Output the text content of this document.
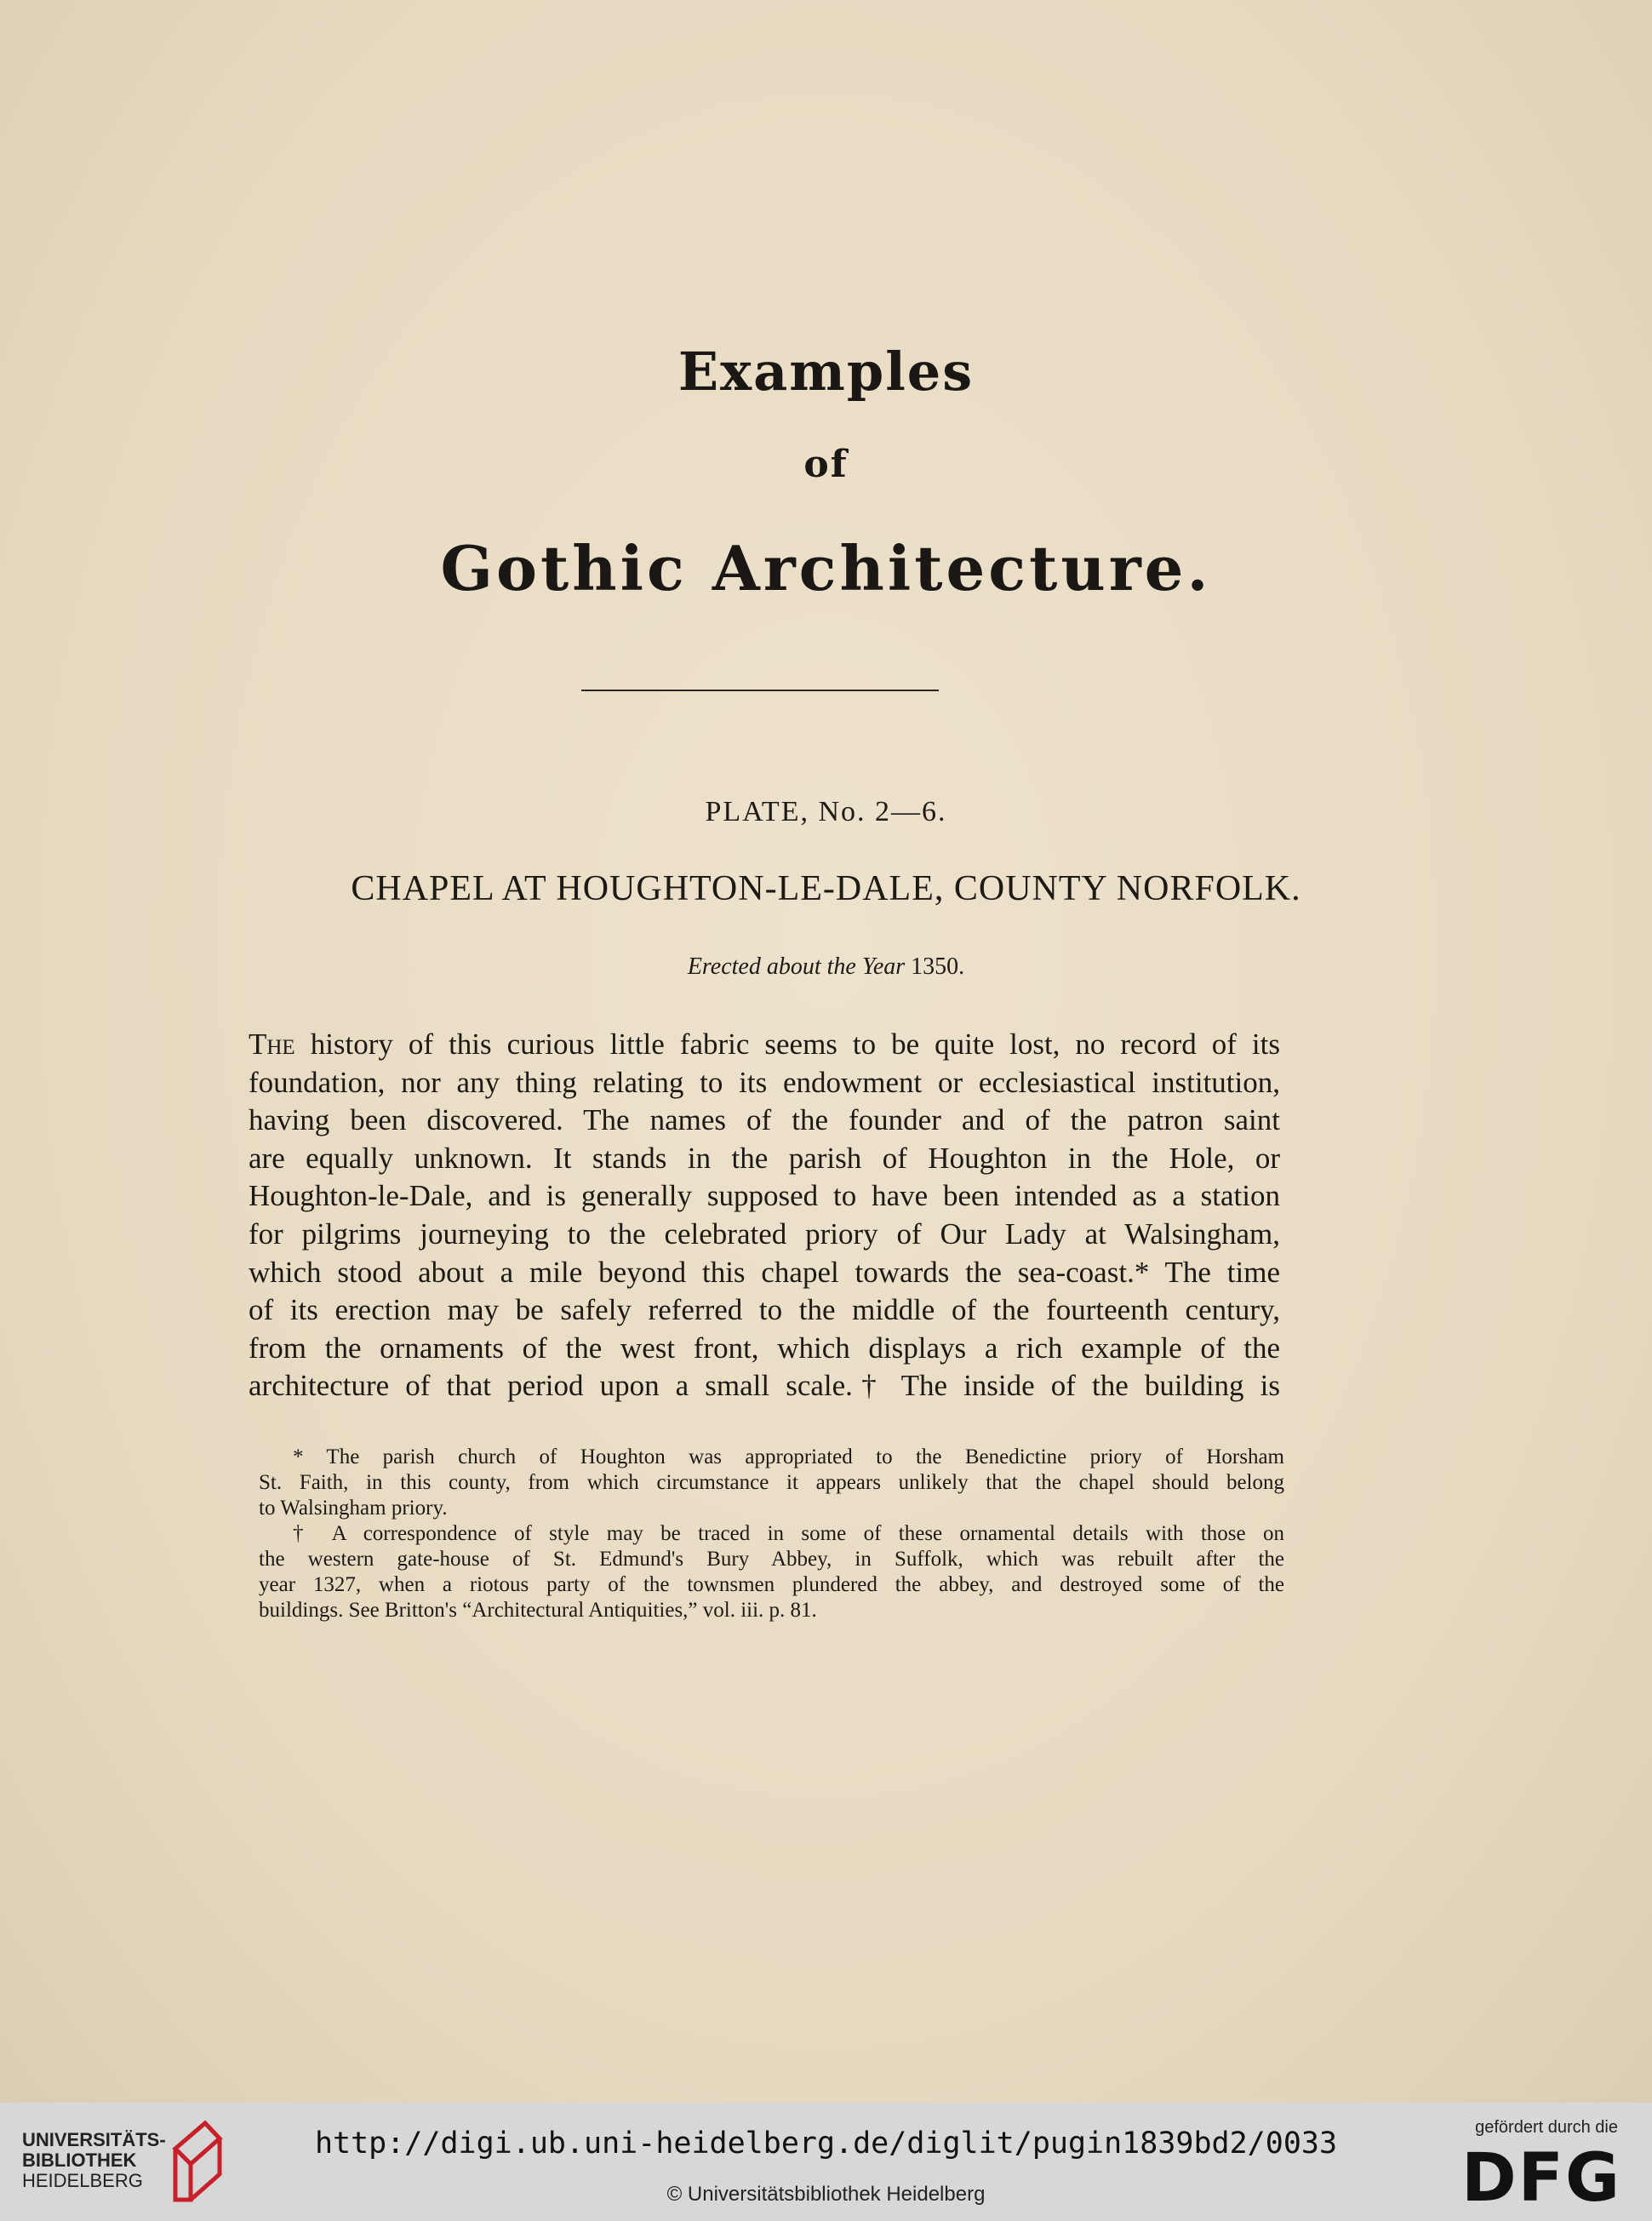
Examples
of
Gothic Architecture.
PLATE, No. 2—6.
CHAPEL AT HOUGHTON-LE-DALE, COUNTY NORFOLK.
Erected about the Year 1350.
The history of this curious little fabric seems to be quite lost, no record of its
foundation, nor any thing relating to its endowment or ecclesiastical institution,
having been discovered. The names of the founder and of the patron saint
are equally unknown. It stands in the parish of Houghton in the Hole, or
Houghton-le-Dale, and is generally supposed to have been intended as a station
for pilgrims journeying to the celebrated priory of Our Lady at Walsingham,
which stood about a mile beyond this chapel towards the sea-coast.* The time
of its erection may be safely referred to the middle of the fourteenth century,
from the ornaments of the west front, which displays a rich example of the
architecture of that period upon a small scale.† The inside of the building is
* The parish church of Houghton was appropriated to the Benedictine priory of Horsham
St. Faith, in this county, from which circumstance it appears unlikely that the chapel should belong
to Walsingham priory.
† A correspondence of style may be traced in some of these ornamental details with those on
the western gate-house of St. Edmund's Bury Abbey, in Suffolk, which was rebuilt after the
year 1327, when a riotous party of the townsmen plundered the abbey, and destroyed some of the
buildings. See Britton's “Architectural Antiquities,” vol. iii. p. 81.
UNIVERSITÄTS-
BIBLIOTHEK
HEIDELBERG
http://digi.ub.uni-heidelberg.de/diglit/pugin1839bd2/0033
© Universitätsbibliothek Heidelberg
gefördert durch die
DFG
